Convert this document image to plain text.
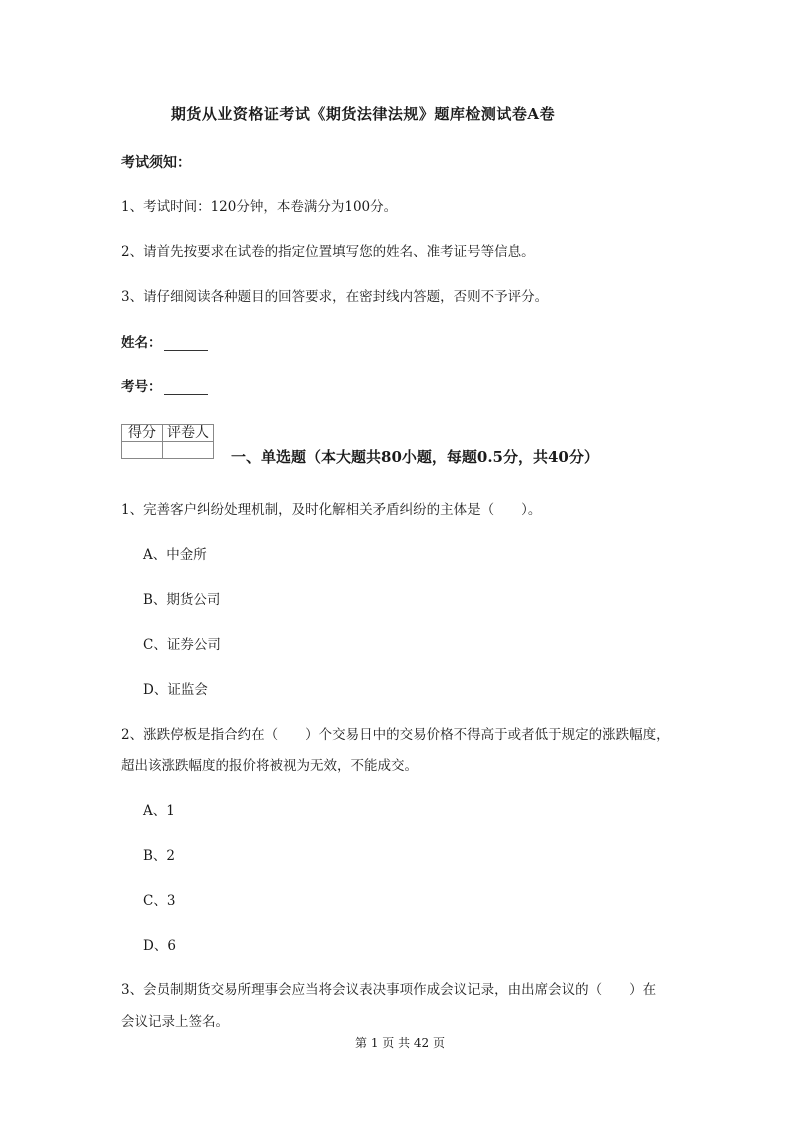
期货从业资格证考试《期货法律法规》题库检测试卷A卷
考试须知：
1、考试时间：120分钟，本卷满分为100分。
2、请首先按要求在试卷的指定位置填写您的姓名、准考证号等信息。
3、请仔细阅读各种题目的回答要求，在密封线内答题，否则不予评分。
姓名：
考号：
得分	评卷人

一、单选题（本大题共80小题，每题0.5分，共40分）
1、完善客户纠纷处理机制，及时化解相关矛盾纠纷的主体是（　　）。
A、中金所
B、期货公司
C、证券公司
D、证监会
2、涨跌停板是指合约在（　　）个交易日中的交易价格不得高于或者低于规定的涨跌幅度，
超出该涨跌幅度的报价将被视为无效，不能成交。
A、1
B、2
C、3
D、6
3、会员制期货交易所理事会应当将会议表决事项作成会议记录，由出席会议的（　　）在
会议记录上签名。
第 1 页 共 42 页
